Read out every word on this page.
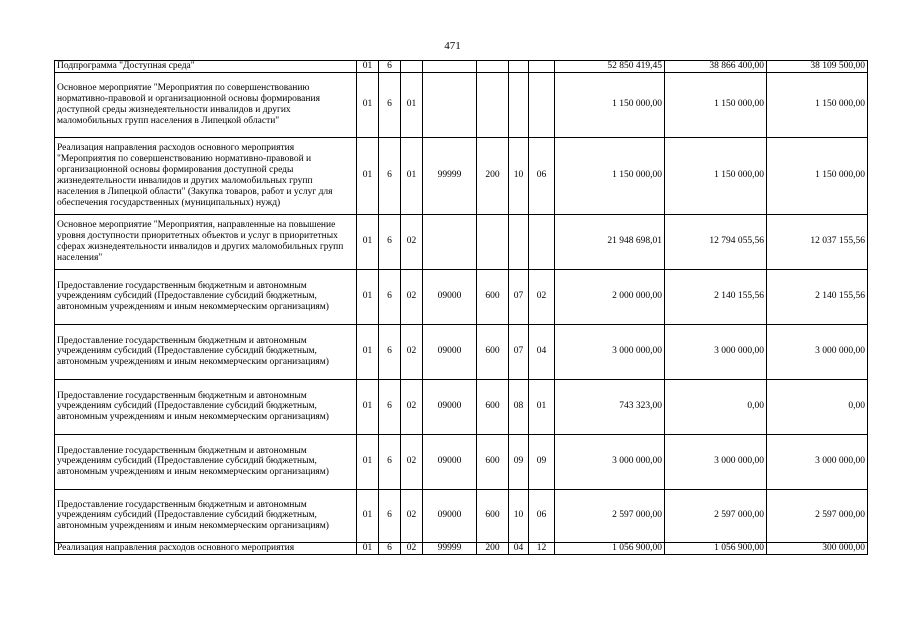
471
Подпрограмма "Доступная среда"	01	6						52 850 419,45	38 866 400,00	38 109 500,00
Основное мероприятие "Мероприятия по совершенствованию нормативно-правовой и организационной основы формирования доступной среды жизнедеятельности инвалидов и других маломобильных групп населения в Липецкой области"	01	6	01					1 150 000,00	1 150 000,00	1 150 000,00
Реализация направления расходов основного мероприятия "Мероприятия по совершенствованию нормативно-правовой и организационной основы формирования доступной среды жизнедеятельности инвалидов и других маломобильных групп населения в Липецкой области" (Закупка товаров, работ и услуг для обеспечения государственных (муниципальных) нужд)	01	6	01	99999	200	10	06	1 150 000,00	1 150 000,00	1 150 000,00
Основное мероприятие "Мероприятия, направленные на повышение уровня доступности приоритетных объектов и услуг в приоритетных сферах жизнедеятельности инвалидов и других маломобильных групп населения"	01	6	02					21 948 698,01	12 794 055,56	12 037 155,56
Предоставление государственным бюджетным и автономным учреждениям субсидий (Предоставление субсидий бюджетным, автономным учреждениям и иным некоммерческим организациям)	01	6	02	09000	600	07	02	2 000 000,00	2 140 155,56	2 140 155,56
Предоставление государственным бюджетным и автономным учреждениям субсидий (Предоставление субсидий бюджетным, автономным учреждениям и иным некоммерческим организациям)	01	6	02	09000	600	07	04	3 000 000,00	3 000 000,00	3 000 000,00
Предоставление государственным бюджетным и автономным учреждениям субсидий (Предоставление субсидий бюджетным, автономным учреждениям и иным некоммерческим организациям)	01	6	02	09000	600	08	01	743 323,00	0,00	0,00
Предоставление государственным бюджетным и автономным учреждениям субсидий (Предоставление субсидий бюджетным, автономным учреждениям и иным некоммерческим организациям)	01	6	02	09000	600	09	09	3 000 000,00	3 000 000,00	3 000 000,00
Предоставление государственным бюджетным и автономным учреждениям субсидий (Предоставление субсидий бюджетным, автономным учреждениям и иным некоммерческим организациям)	01	6	02	09000	600	10	06	2 597 000,00	2 597 000,00	2 597 000,00
Реализация направления расходов основного мероприятия	01	6	02	99999	200	04	12	1 056 900,00	1 056 900,00	300 000,00
